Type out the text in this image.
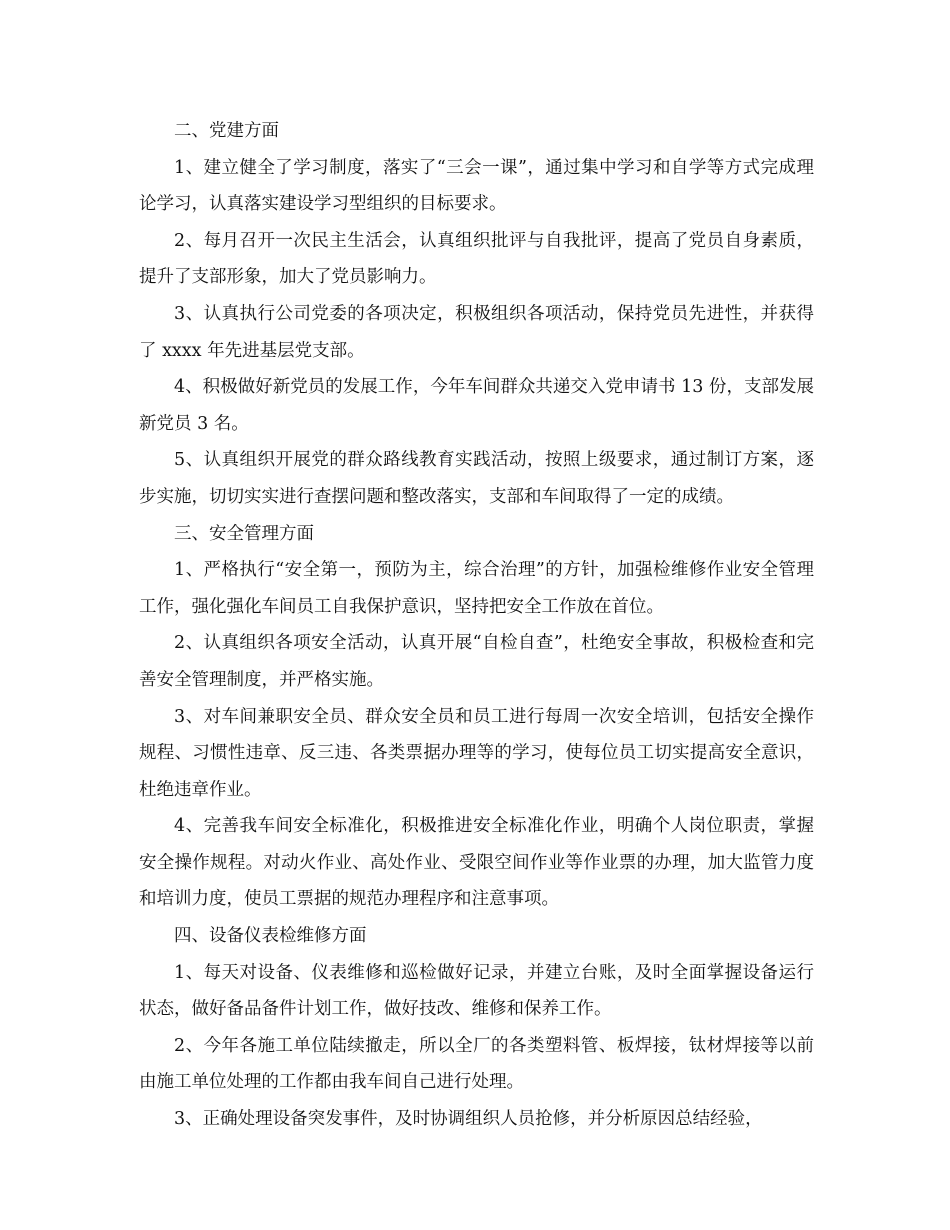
二、党建方面

1、建立健全了学习制度，落实了“三会一课”，通过集中学习和自学等方式完成理论学习，认真落实建设学习型组织的目标要求。

2、每月召开一次民主生活会，认真组织批评与自我批评，提高了党员自身素质，提升了支部形象，加大了党员影响力。

3、认真执行公司党委的各项决定，积极组织各项活动，保持党员先进性，并获得了 xxxx 年先进基层党支部。

4、积极做好新党员的发展工作，今年车间群众共递交入党申请书 13 份，支部发展新党员 3 名。

5、认真组织开展党的群众路线教育实践活动，按照上级要求，通过制订方案，逐步实施，切切实实进行查摆问题和整改落实，支部和车间取得了一定的成绩。

三、安全管理方面

1、严格执行“安全第一，预防为主，综合治理”的方针，加强检维修作业安全管理工作，强化强化车间员工自我保护意识，坚持把安全工作放在首位。

2、认真组织各项安全活动，认真开展“自检自查”，杜绝安全事故，积极检查和完善安全管理制度，并严格实施。

3、对车间兼职安全员、群众安全员和员工进行每周一次安全培训，包括安全操作规程、习惯性违章、反三违、各类票据办理等的学习，使每位员工切实提高安全意识，杜绝违章作业。

4、完善我车间安全标准化，积极推进安全标准化作业，明确个人岗位职责，掌握安全操作规程。对动火作业、高处作业、受限空间作业等作业票的办理，加大监管力度和培训力度，使员工票据的规范办理程序和注意事项。

四、设备仪表检维修方面

1、每天对设备、仪表维修和巡检做好记录，并建立台账，及时全面掌握设备运行状态，做好备品备件计划工作，做好技改、维修和保养工作。

2、今年各施工单位陆续撤走，所以全厂的各类塑料管、板焊接，钛材焊接等以前由施工单位处理的工作都由我车间自己进行处理。

3、正确处理设备突发事件，及时协调组织人员抢修，并分析原因总结经验，
